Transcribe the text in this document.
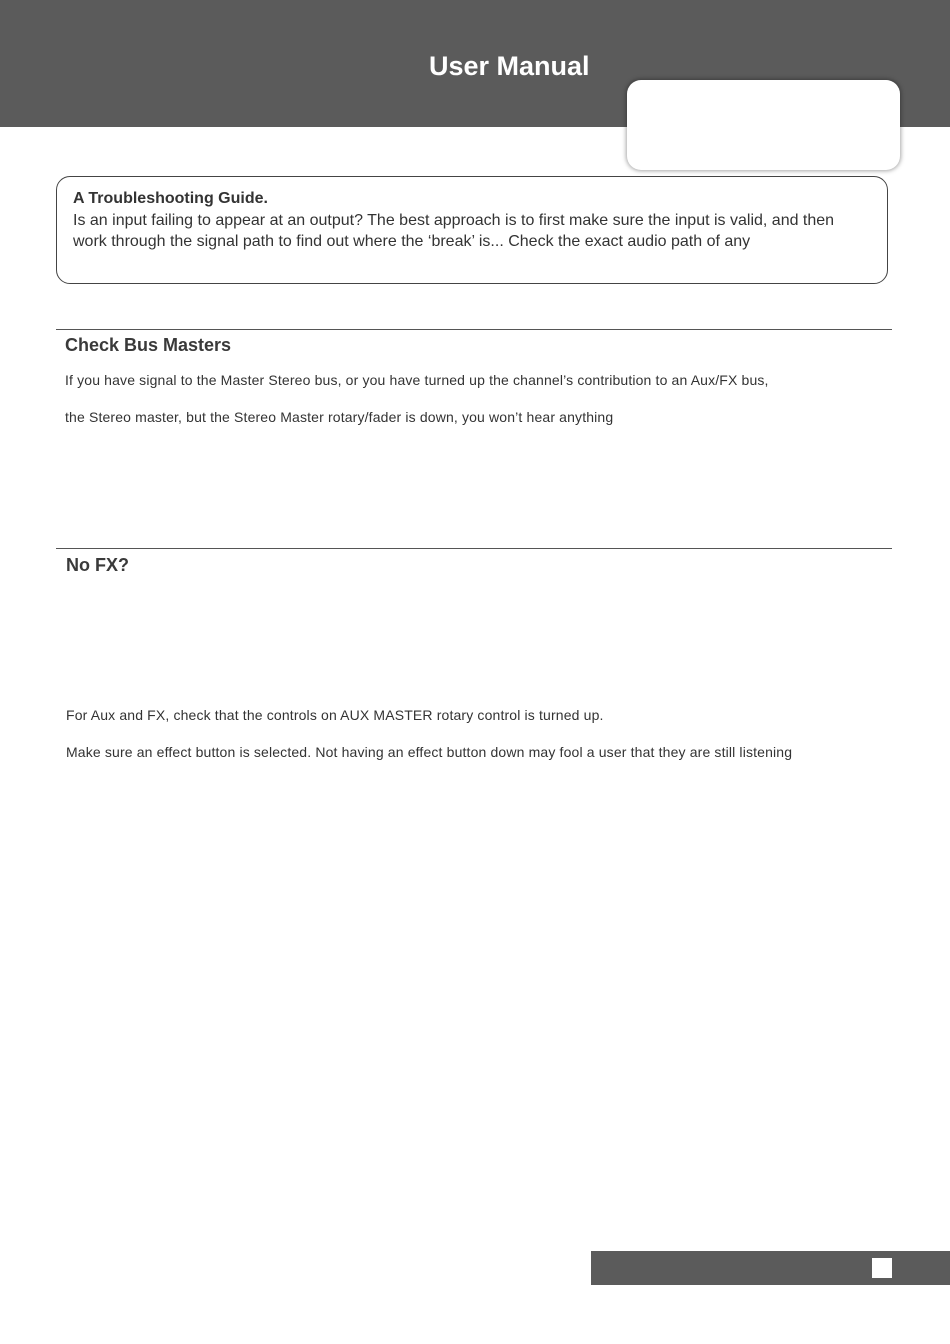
User Manual

A Troubleshooting Guide.

Is an input failing to appear at an output? The best approach is to first make sure the input is valid, and then work through the signal path to find out where the ‘break’ is... Check the exact audio path of any

Check Bus Masters
If you have signal to the Master Stereo bus, or you have turned up the channel’s contribution to an Aux/FX bus,
the Stereo master, but the Stereo Master rotary/fader is down, you won’t hear anything
No FX?
For Aux and FX, check that the controls on AUX MASTER rotary control is turned up.
Make sure an effect button is selected. Not having an effect button down may fool a user that they are still listening
